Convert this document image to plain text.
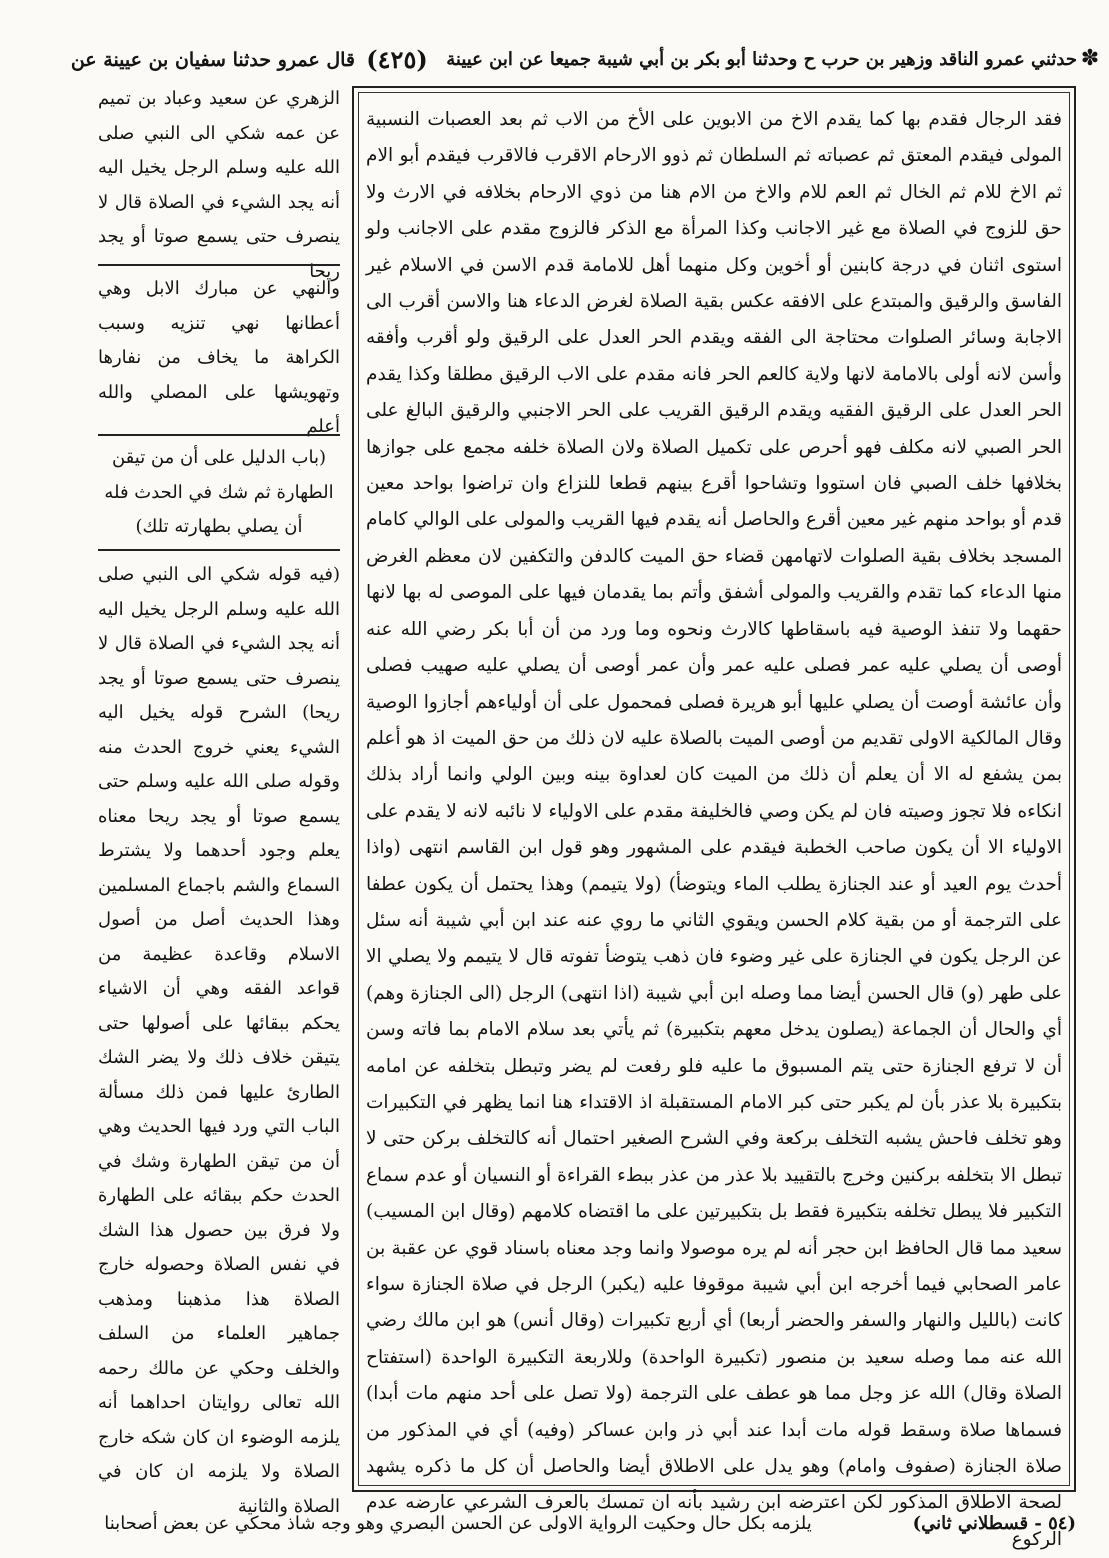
✽
حدثني عمرو الناقد وزهير بن حرب ح وحدثنا أبو بكر بن أبي شيبة جميعا عن ابن عيينة
( ٤٢٥ )
قال عمرو حدثنا سفيان بن عيينة عن
فقد الرجال فقدم بها كما يقدم الاخ من الابوين على الأخ من الاب ثم بعد العصبات النسبية المولى فيقدم المعتق ثم عصباته ثم السلطان ثم ذوو الارحام الاقرب فالاقرب فيقدم أبو الام ثم الاخ للام ثم الخال ثم العم للام والاخ من الام هنا من ذوي الارحام بخلافه في الارث ولا حق للزوج في الصلاة مع غير الاجانب وكذا المرأة مع الذكر فالزوج مقدم على الاجانب ولو استوى اثنان في درجة كابنين أو أخوين وكل منهما أهل للامامة قدم الاسن في الاسلام غير الفاسق والرقيق والمبتدع على الافقه عكس بقية الصلاة لغرض الدعاء هنا والاسن أقرب الى الاجابة وسائر الصلوات محتاجة الى الفقه ويقدم الحر العدل على الرقيق ولو أقرب وأفقه وأسن لانه أولى بالامامة لانها ولاية كالعم الحر فانه مقدم على الاب الرقيق مطلقا وكذا يقدم الحر العدل على الرقيق الفقيه ويقدم الرقيق القريب على الحر الاجنبي والرقيق البالغ على الحر الصبي لانه مكلف فهو أحرص على تكميل الصلاة ولان الصلاة خلفه مجمع على جوازها بخلافها خلف الصبي فان استووا وتشاحوا أقرع بينهم قطعا للنزاع وان تراضوا بواحد معين قدم أو بواحد منهم غير معين أقرع والحاصل أنه يقدم فيها القريب والمولى على الوالي كامام المسجد بخلاف بقية الصلوات لاتهامهن قضاء حق الميت كالدفن والتكفين لان معظم الغرض منها الدعاء كما تقدم والقريب والمولى أشفق وأتم بما يقدمان فيها على الموصى له بها لانها حقهما ولا تنفذ الوصية فيه باسقاطها كالارث ونحوه وما ورد من أن أبا بكر رضي الله عنه أوصى أن يصلي عليه عمر فصلى عليه عمر وأن عمر أوصى أن يصلي عليه صهيب فصلى وأن عائشة أوصت أن يصلي عليها أبو هريرة فصلى فمحمول على أن أولياءهم أجازوا الوصية وقال المالكية الاولى تقديم من أوصى الميت بالصلاة عليه لان ذلك من حق الميت اذ هو أعلم بمن يشفع له الا أن يعلم أن ذلك من الميت كان لعداوة بينه وبين الولي وانما أراد بذلك انكاءه فلا تجوز وصيته فان لم يكن وصي فالخليفة مقدم على الاولياء لا نائبه لانه لا يقدم على الاولياء الا أن يكون صاحب الخطبة فيقدم على المشهور وهو قول ابن القاسم انتهى (واذا أحدث يوم العيد أو عند الجنازة يطلب الماء ويتوضأ) (ولا يتيمم) وهذا يحتمل أن يكون عطفا على الترجمة أو من بقية كلام الحسن ويقوي الثاني ما روي عنه عند ابن أبي شيبة أنه سئل عن الرجل يكون في الجنازة على غير وضوء فان ذهب يتوضأ تفوته قال لا يتيمم ولا يصلي الا على طهر (و) قال الحسن أيضا مما وصله ابن أبي شيبة (اذا انتهى) الرجل (الى الجنازة وهم) أي والحال أن الجماعة (يصلون يدخل معهم بتكبيرة) ثم يأتي بعد سلام الامام بما فاته وسن أن لا ترفع الجنازة حتى يتم المسبوق ما عليه فلو رفعت لم يضر وتبطل بتخلفه عن امامه بتكبيرة بلا عذر بأن لم يكبر حتى كبر الامام المستقبلة اذ الاقتداء هنا انما يظهر في التكبيرات وهو تخلف فاحش يشبه التخلف بركعة وفي الشرح الصغير احتمال أنه كالتخلف بركن حتى لا تبطل الا بتخلفه بركنين وخرج بالتقييد بلا عذر من عذر ببطء القراءة أو النسيان أو عدم سماع التكبير فلا يبطل تخلفه بتكبيرة فقط بل بتكبيرتين على ما اقتضاه كلامهم (وقال ابن المسيب) سعيد مما قال الحافظ ابن حجر أنه لم يره موصولا وانما وجد معناه باسناد قوي عن عقبة بن عامر الصحابي فيما أخرجه ابن أبي شيبة موقوفا عليه (يكبر) الرجل في صلاة الجنازة سواء كانت (بالليل والنهار والسفر والحضر أربعا) أي أربع تكبيرات (وقال أنس) هو ابن مالك رضي الله عنه مما وصله سعيد بن منصور (تكبيرة الواحدة) وللاربعة التكبيرة الواحدة (استفتاح الصلاة وقال) الله عز وجل مما هو عطف على الترجمة (ولا تصل على أحد منهم مات أبدا) فسماها صلاة وسقط قوله مات أبدا عند أبي ذر وابن عساكر (وفيه) أي في المذكور من صلاة الجنازة (صفوف وامام) وهو يدل على الاطلاق أيضا والحاصل أن كل ما ذكره يشهد لصحة الاطلاق المذكور لكن اعترضه ابن رشيد بأنه ان تمسك بالعرف الشرعي عارضه عدم الركوع
الزهري عن سعيد وعباد بن تميم عن عمه شكي الى النبي صلى الله عليه وسلم الرجل يخيل اليه أنه يجد الشيء في الصلاة قال لا ينصرف حتى يسمع صوتا أو يجد ريحا
والنهي عن مبارك الابل وهي أعطانها نهي تنزيه وسبب الكراهة ما يخاف من نفارها وتهويشها على المصلي والله أعلم
(باب الدليل على أن من تيقن الطهارة ثم شك في الحدث فله أن يصلي بطهارته تلك)
(فيه قوله شكي الى النبي صلى الله عليه وسلم الرجل يخيل اليه أنه يجد الشيء في الصلاة قال لا ينصرف حتى يسمع صوتا أو يجد ريحا) الشرح قوله يخيل اليه الشيء يعني خروج الحدث منه وقوله صلى الله عليه وسلم حتى يسمع صوتا أو يجد ريحا معناه يعلم وجود أحدهما ولا يشترط السماع والشم باجماع المسلمين وهذا الحديث أصل من أصول الاسلام وقاعدة عظيمة من قواعد الفقه وهي أن الاشياء يحكم ببقائها على أصولها حتى يتيقن خلاف ذلك ولا يضر الشك الطارئ عليها فمن ذلك مسألة الباب التي ورد فيها الحديث وهي أن من تيقن الطهارة وشك في الحدث حكم ببقائه على الطهارة ولا فرق بين حصول هذا الشك في نفس الصلاة وحصوله خارج الصلاة هذا مذهبنا ومذهب جماهير العلماء من السلف والخلف وحكي عن مالك رحمه الله تعالى روايتان احداهما أنه يلزمه الوضوء ان كان شكه خارج الصلاة ولا يلزمه ان كان في الصلاة والثانية
(٥٤ - قسطلاني ثاني)
يلزمه بكل حال وحكيت الرواية الاولى عن الحسن البصري وهو وجه شاذ محكي عن بعض أصحابنا
